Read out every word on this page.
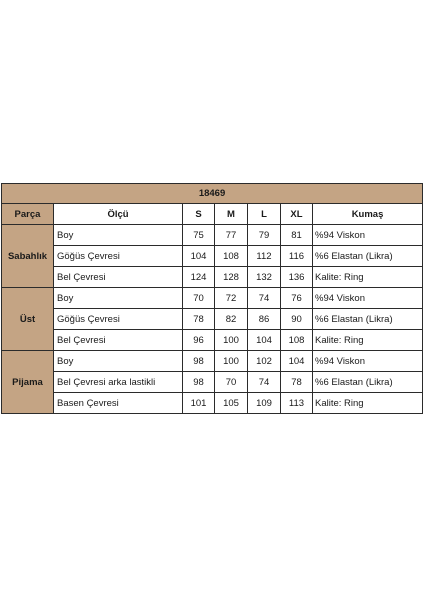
18469						
Parça	Ölçü	S	M	L	XL	Kumaş
Sabahlık	Boy	75	77	79	81	%94 Viskon
	Göğüs Çevresi	104	108	112	116	%6 Elastan (Likra)
	Bel Çevresi	124	128	132	136	Kalite: Ring
Üst	Boy	70	72	74	76	%94 Viskon
	Göğüs Çevresi	78	82	86	90	%6 Elastan (Likra)
	Bel Çevresi	96	100	104	108	Kalite: Ring
Pijama	Boy	98	100	102	104	%94 Viskon
	Bel Çevresi arka lastikli	98	70	74	78	%6 Elastan (Likra)
	Basen Çevresi	101	105	109	113	Kalite: Ring
